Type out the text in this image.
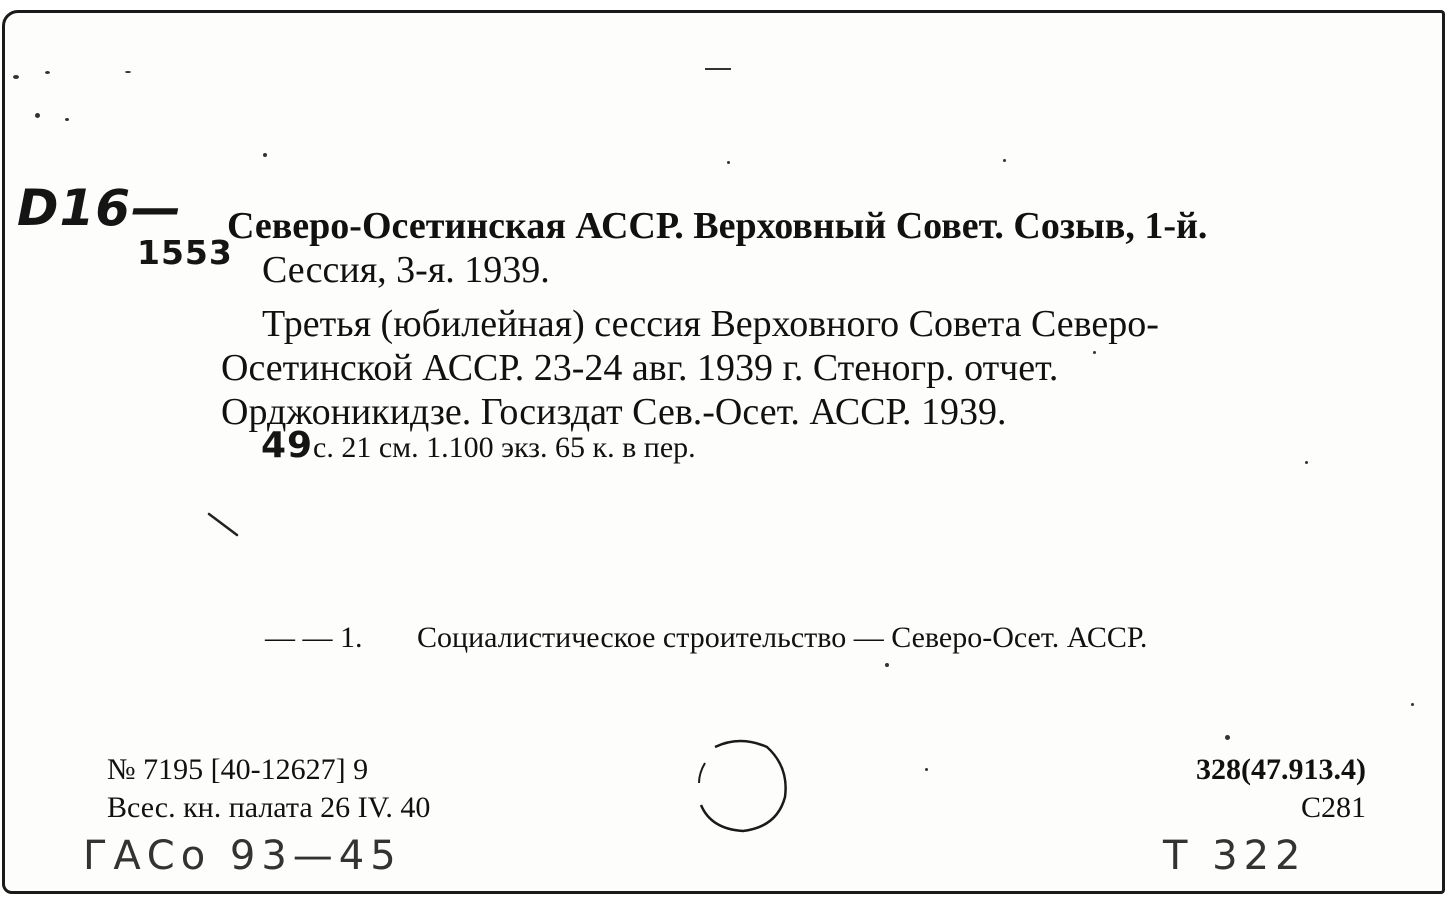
D16—
1553
Северо-Осетинская АССР. Верховный Совет. Созыв, 1-й.
Сессия, 3-я. 1939.
Третья (юбилейная) сессия Верховного Совета Северо-
Осетинской АССР. 23-24 авг. 1939 г. Стеногр. отчет.
Орджоникидзе. Госиздат Сев.-Осет. АССР. 1939.
49 с. 21 см. 1.100 экз. 65 к. в пер.
— — 1. Социалистическое строительство — Северо-Осет. АССР.
№ 7195 [40-12627] 9
Всес. кн. палата 26 IV. 40
328(47.913.4)
С281
ГАСо 93—45	Т 322
